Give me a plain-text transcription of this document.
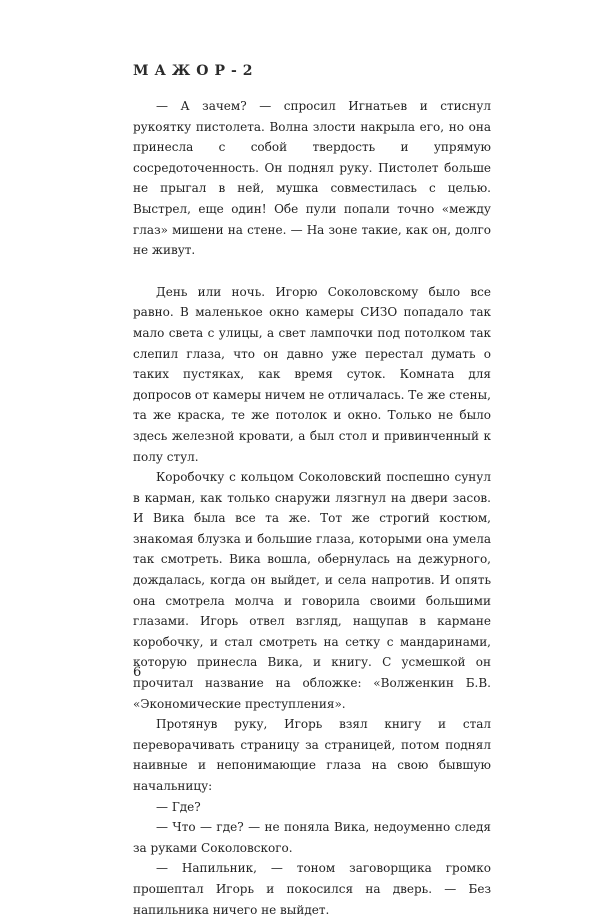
МАЖОР-2

— А зачем? — спросил Игнатьев и стиснул рукоятку пистолета. Волна злости накрыла его, но она принесла с собой твердость и упрямую сосредоточенность. Он поднял руку. Пистолет больше не прыгал в ней, мушка совместилась с целью. Выстрел, еще один! Обе пули попали точно «между глаз» мишени на стене. — На зоне такие, как он, долго не живут.

День или ночь. Игорю Соколовскому было все равно. В маленькое окно камеры СИЗО попадало так мало света с улицы, а свет лампочки под потолком так слепил глаза, что он давно уже перестал думать о таких пустяках, как время суток. Комната для допросов от камеры ничем не отличалась. Те же стены, та же краска, те же потолок и окно. Только не было здесь железной кровати, а был стол и привинченный к полу стул.

Коробочку с кольцом Соколовский поспешно сунул в карман, как только снаружи лязгнул на двери засов. И Вика была все та же. Тот же строгий костюм, знакомая блузка и большие глаза, которыми она умела так смотреть. Вика вошла, обернулась на дежурного, дождалась, когда он выйдет, и села напротив. И опять она смотрела молча и говорила своими большими глазами. Игорь отвел взгляд, нащупав в кармане коробочку, и стал смотреть на сетку с мандаринами, которую принесла Вика, и книгу. С усмешкой он прочитал название на обложке: «Волженкин Б.В. «Экономические преступления».

Протянув руку, Игорь взял книгу и стал переворачивать страницу за страницей, потом поднял наивные и непонимающие глаза на свою бывшую начальницу:

— Где?

— Что — где? — не поняла Вика, недоуменно следя за руками Соколовского.

— Напильник, — тоном заговорщика громко прошептал Игорь и покосился на дверь. — Без напильника ничего не выйдет.

6
